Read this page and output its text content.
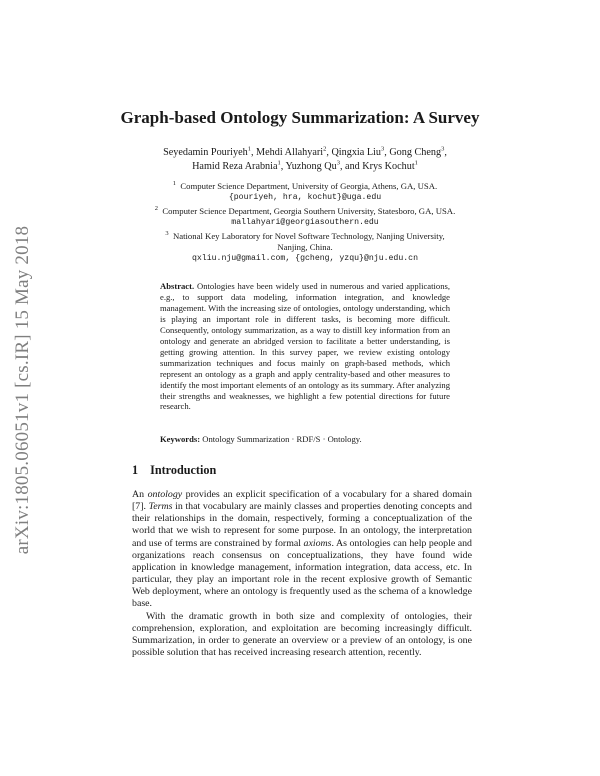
arXiv:1805.06051v1 [cs.IR] 15 May 2018
Graph-based Ontology Summarization: A Survey
Seyedamin Pouriyeh$^1$, Mehdi Allahyari$^2$, Qingxia Liu$^3$, Gong Cheng$^3$,
Hamid Reza Arabnia$^1$, Yuzhong Qu$^3$, and Krys Kochut$^1$
$^1$ Computer Science Department, University of Georgia, Athens, GA, USA.
{pouriyeh, hra, kochut}@uga.edu
$^2$ Computer Science Department, Georgia Southern University, Statesboro, GA, USA.
mallahyari@georgiasouthern.edu
$^3$ National Key Laboratory for Novel Software Technology, Nanjing University,
Nanjing, China.
qxliu.nju@gmail.com, {gcheng, yzqu}@nju.edu.cn
Abstract. Ontologies have been widely used in numerous and varied applications, e.g., to support data modeling, information integration, and knowledge management. With the increasing size of ontologies, ontology understanding, which is playing an important role in different tasks, is becoming more difficult. Consequently, ontology summarization, as a way to distill key information from an ontology and generate an abridged version to facilitate a better understanding, is getting growing attention. In this survey paper, we review existing ontology summarization techniques and focus mainly on graph-based methods, which represent an ontology as a graph and apply centrality-based and other measures to identify the most important elements of an ontology as its summary. After analyzing their strengths and weaknesses, we highlight a few potential directions for future research.
Keywords: Ontology Summarization · RDF/S · Ontology.
1 Introduction

An ontology provides an explicit specification of a vocabulary for a shared domain [7]. Terms in that vocabulary are mainly classes and properties denoting concepts and their relationships in the domain, respectively, forming a conceptualization of the world that we wish to represent for some purpose. In an ontology, the interpretation and use of terms are constrained by formal axioms. As ontologies can help people and organizations reach consensus on conceptualizations, they have found wide application in knowledge management, information integration, data access, etc. In particular, they play an important role in the recent explosive growth of Semantic Web deployment, where an ontology is frequently used as the schema of a knowledge base.

With the dramatic growth in both size and complexity of ontologies, their comprehension, exploration, and exploitation are becoming increasingly difficult. Summarization, in order to generate an overview or a preview of an ontology, is one possible solution that has received increasing research attention, recently.
